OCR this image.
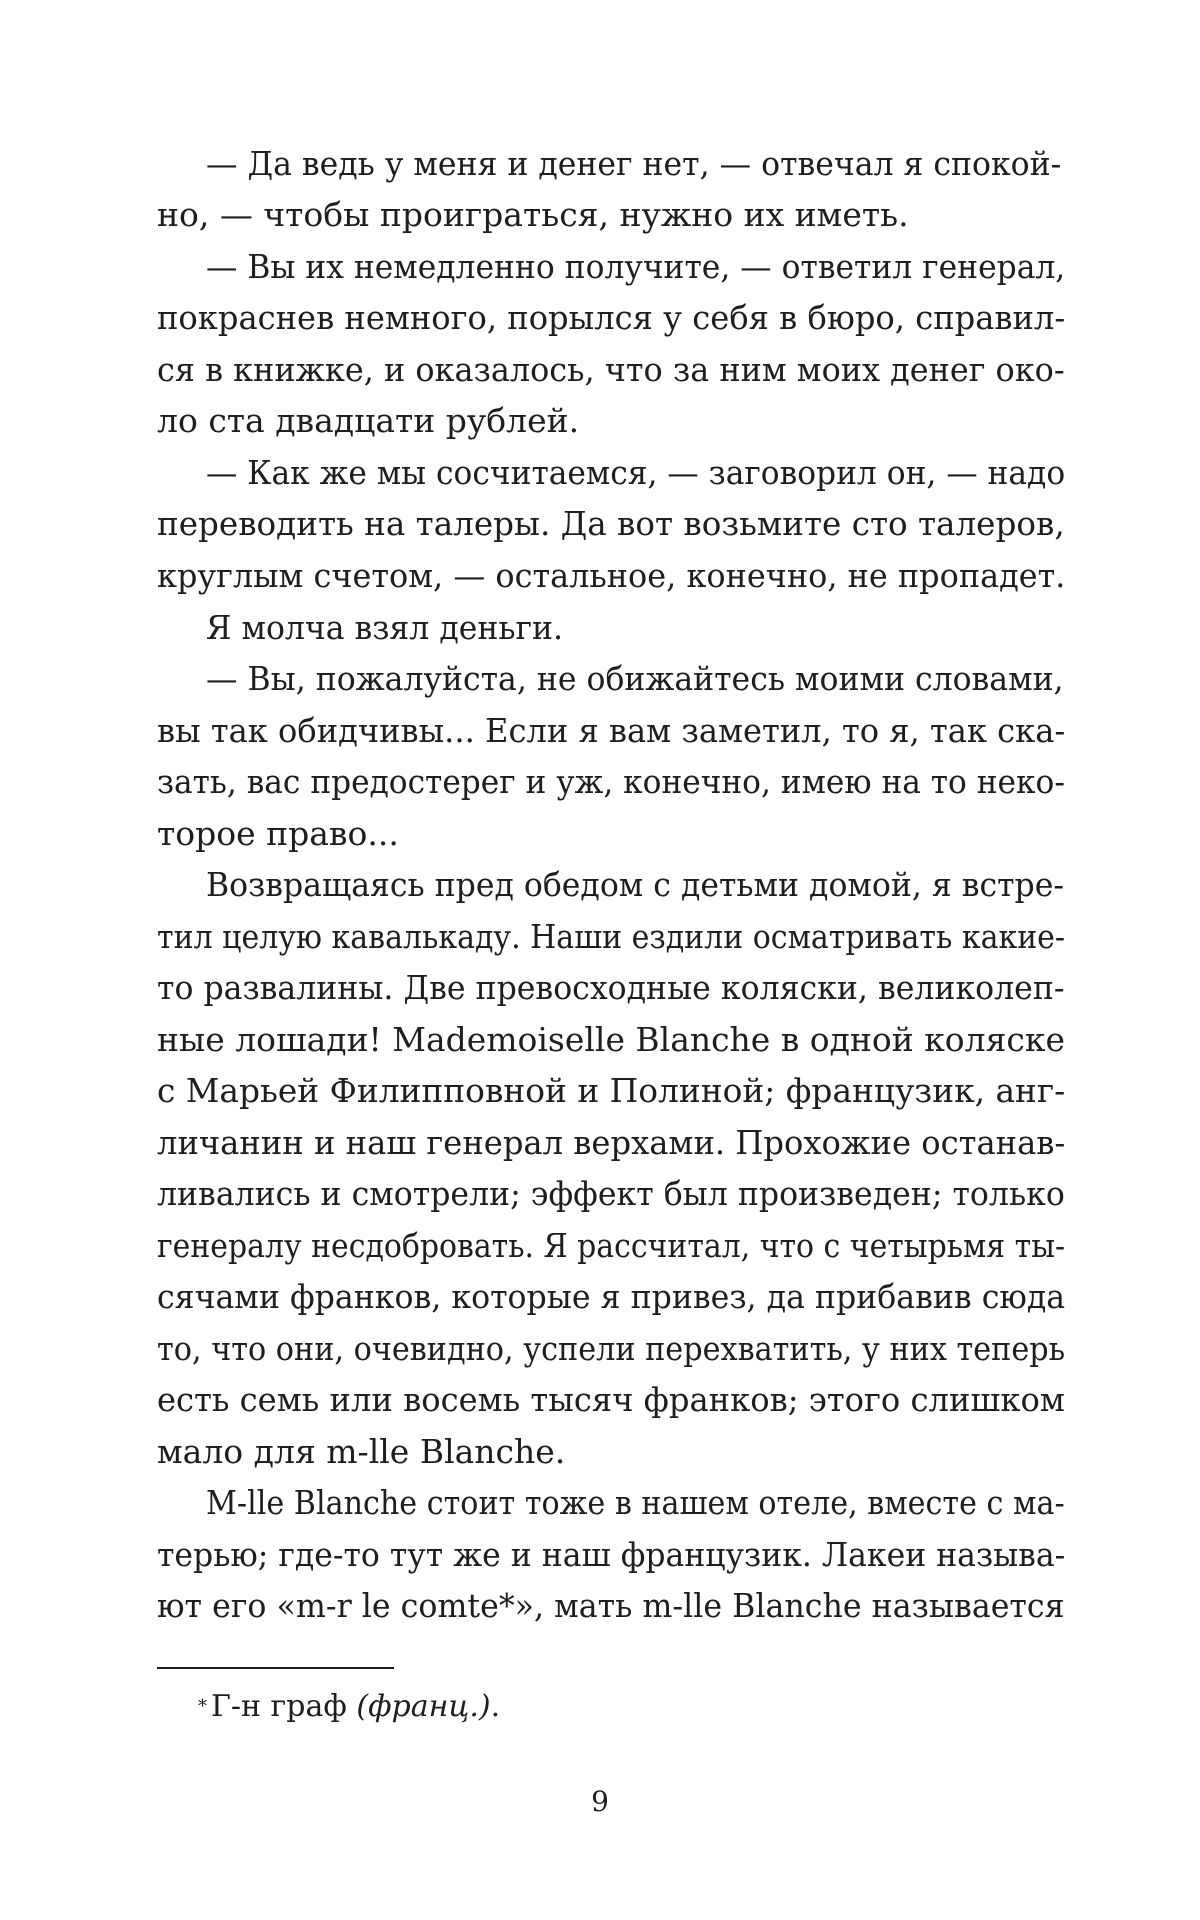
— Да ведь у меня и денег нет, — отвечал я спокой-
но, — чтобы проиграться, нужно их иметь.
— Вы их немедленно получите, — ответил генерал,
покраснев немного, порылся у себя в бюро, справил-
ся в книжке, и оказалось, что за ним моих денег око-
ло ста двадцати рублей.
— Как же мы сосчитаемся, — заговорил он, — надо
переводить на талеры. Да вот возьмите сто талеров,
круглым счетом, — остальное, конечно, не пропадет.
Я молча взял деньги.
— Вы, пожалуйста, не обижайтесь моими словами,
вы так обидчивы... Если я вам заметил, то я, так ска-
зать, вас предостерег и уж, конечно, имею на то неко-
торое право...
Возвращаясь пред обедом с детьми домой, я встре-
тил целую кавалькаду. Наши ездили осматривать какие-
то развалины. Две превосходные коляски, великолеп-
ные лошади! Mademoiselle Blanche в одной коляске
с Марьей Филипповной и Полиной; французик, анг-
личанин и наш генерал верхами. Прохожие останав-
ливались и смотрели; эффект был произведен; только
генералу несдобровать. Я рассчитал, что с четырьмя ты-
сячами франков, которые я привез, да прибавив сюда
то, что они, очевидно, успели перехватить, у них теперь
есть семь или восемь тысяч франков; этого слишком
мало для m-lle Blanche.
M-lle Blanche стоит тоже в нашем отеле, вместе с ма-
терью; где-то тут же и наш французик. Лакеи называ-
ют его «m-r le comte*», мать m-lle Blanche называется
* Г-н граф (франц.).
9
